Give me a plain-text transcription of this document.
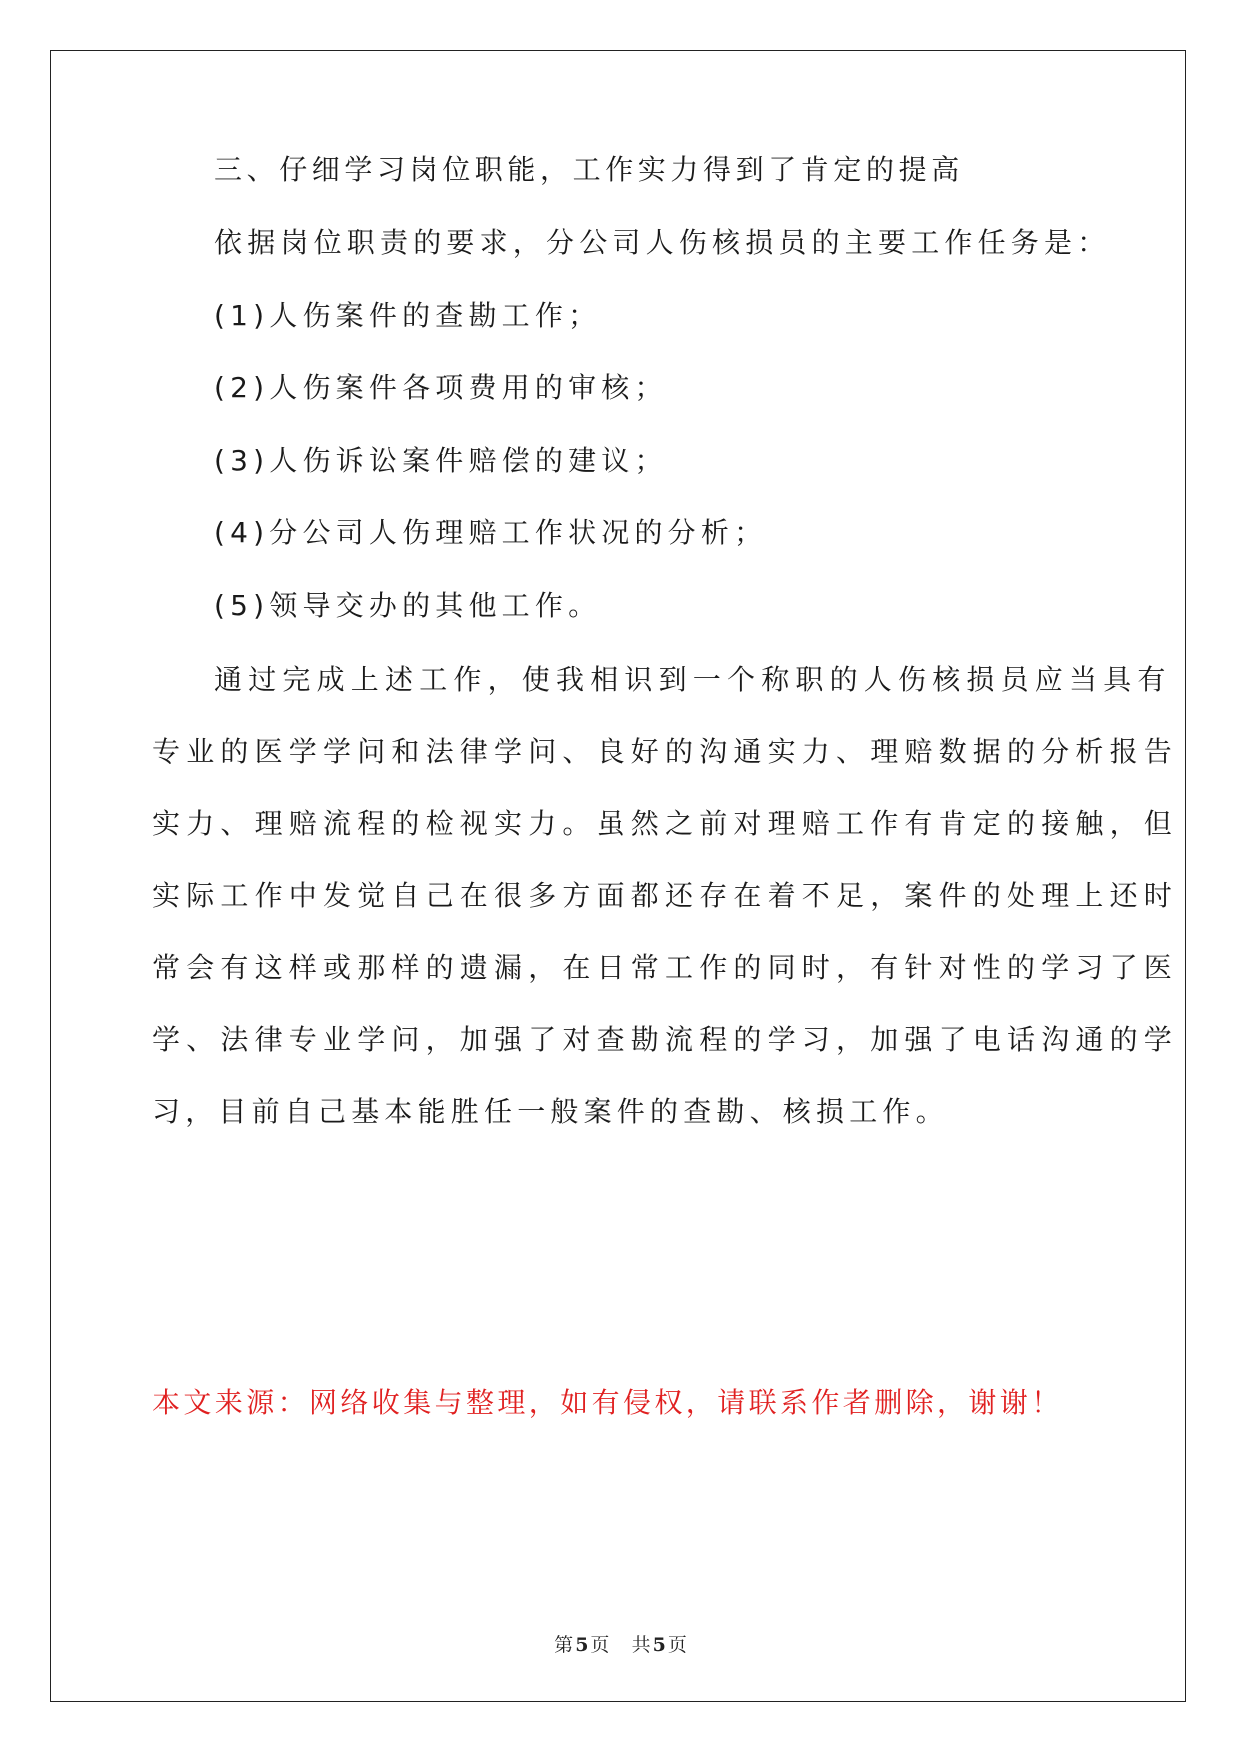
三、仔细学习岗位职能，工作实力得到了肯定的提高
依据岗位职责的要求，分公司人伤核损员的主要工作任务是：
(1)人伤案件的查勘工作；
(2)人伤案件各项费用的审核；
(3)人伤诉讼案件赔偿的建议；
(4)分公司人伤理赔工作状况的分析；
(5)领导交办的其他工作。
通过完成上述工作，使我相识到一个称职的人伤核损员应当具有
专业的医学学问和法律学问、良好的沟通实力、理赔数据的分析报告
实力、理赔流程的检视实力。虽然之前对理赔工作有肯定的接触，但
实际工作中发觉自己在很多方面都还存在着不足，案件的处理上还时
常会有这样或那样的遗漏，在日常工作的同时，有针对性的学习了医
学、法律专业学问，加强了对查勘流程的学习，加强了电话沟通的学
习，目前自己基本能胜任一般案件的查勘、核损工作。
本文来源：网络收集与整理，如有侵权，请联系作者删除，谢谢！
第 5 页 共 5 页
